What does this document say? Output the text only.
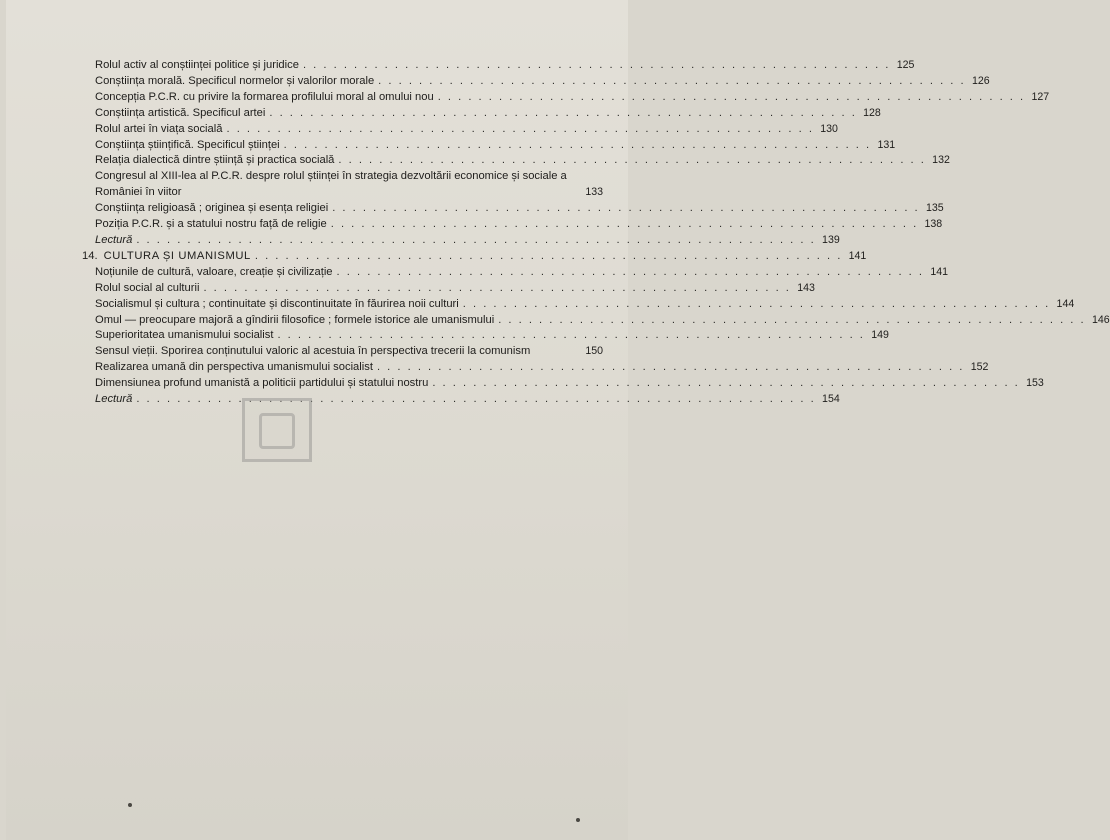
Rolul activ al conștiinței politice și juridice . . . . . . . . . . . . . . . . . . . . . . . . . . . . . . . . . . . . . . . . . . . . . . . . . . . . . . . . . . 125
Conștiința morală. Specificul normelor și valorilor morale . . . . . . . . . . . . . . . . . . . . . . . . . . . . . . . . . . . . . . . . . . . . . . . . . . . . . . . . . . 126
Concepția P.C.R. cu privire la formarea profilului moral al omului nou . . . . . . . . . . . . . . . . . . . . . . . . . . . . . . . . . . . . . . . . . . . . . . . . . . . . . . . . . . 127
Conștiința artistică. Specificul artei . . . . . . . . . . . . . . . . . . . . . . . . . . . . . . . . . . . . . . . . . . . . . . . . . . . . . . . . . . 128
Rolul artei în viața socială . . . . . . . . . . . . . . . . . . . . . . . . . . . . . . . . . . . . . . . . . . . . . . . . . . . . . . . . . . 130
Conștiința științifică. Specificul științei . . . . . . . . . . . . . . . . . . . . . . . . . . . . . . . . . . . . . . . . . . . . . . . . . . . . . . . . . . 131
Relația dialectică dintre știință și practica socială . . . . . . . . . . . . . . . . . . . . . . . . . . . . . . . . . . . . . . . . . . . . . . . . . . . . . . . . . . 132
Congresul al XIII-lea al P.C.R. despre rolul științei în strategia dezvoltării economice și sociale a României în viitor	133
Conștiința religioasă ; originea și esența religiei . . . . . . . . . . . . . . . . . . . . . . . . . . . . . . . . . . . . . . . . . . . . . . . . . . . . . . . . . . 135
Poziția P.C.R. și a statului nostru față de religie . . . . . . . . . . . . . . . . . . . . . . . . . . . . . . . . . . . . . . . . . . . . . . . . . . . . . . . . . . 138
Lectură . . . . . . . . . . . . . . . . . . . . . . . . . . . . . . . . . . . . . . . . . . . . . . . . . . . . . . . . . . . . . . . . . . . 139
14. CULTURA ȘI UMANISMUL . . . . . . . . . . . . . . . . . . . . . . . . . . . . . . . . . . . . . . . . . . . . . . . . . . . . . . . . . . 141
Noțiunile de cultură, valoare, creație și civilizație . . . . . . . . . . . . . . . . . . . . . . . . . . . . . . . . . . . . . . . . . . . . . . . . . . . . . . . . . . 141
Rolul social al culturii . . . . . . . . . . . . . . . . . . . . . . . . . . . . . . . . . . . . . . . . . . . . . . . . . . . . . . . . . . 143
Socialismul și cultura ; continuitate și discontinuitate în făurirea noii culturi . . . . . . . . . . . . . . . . . . . . . . . . . . . . . . . . . . . . . . . . . . . . . . . . . . . . . . . . . . 144
Omul — preocupare majoră a gîndirii filosofice ; formele istorice ale umanismului . . . . . . . . . . . . . . . . . . . . . . . . . . . . . . . . . . . . . . . . . . . . . . . . . . . . . . . . . . 146
Superioritatea umanismului socialist . . . . . . . . . . . . . . . . . . . . . . . . . . . . . . . . . . . . . . . . . . . . . . . . . . . . . . . . . . 149
Sensul vieții. Sporirea conținutului valoric al acestuia în perspectiva trecerii la comunism	150
Realizarea umană din perspectiva umanismului socialist . . . . . . . . . . . . . . . . . . . . . . . . . . . . . . . . . . . . . . . . . . . . . . . . . . . . . . . . . . 152
Dimensiunea profund umanistă a politicii partidului și statului nostru . . . . . . . . . . . . . . . . . . . . . . . . . . . . . . . . . . . . . . . . . . . . . . . . . . . . . . . . . . 153
Lectură . . . . . . . . . . . . . . . . . . . . . . . . . . . . . . . . . . . . . . . . . . . . . . . . . . . . . . . . . . . . . . . . . . . 154
